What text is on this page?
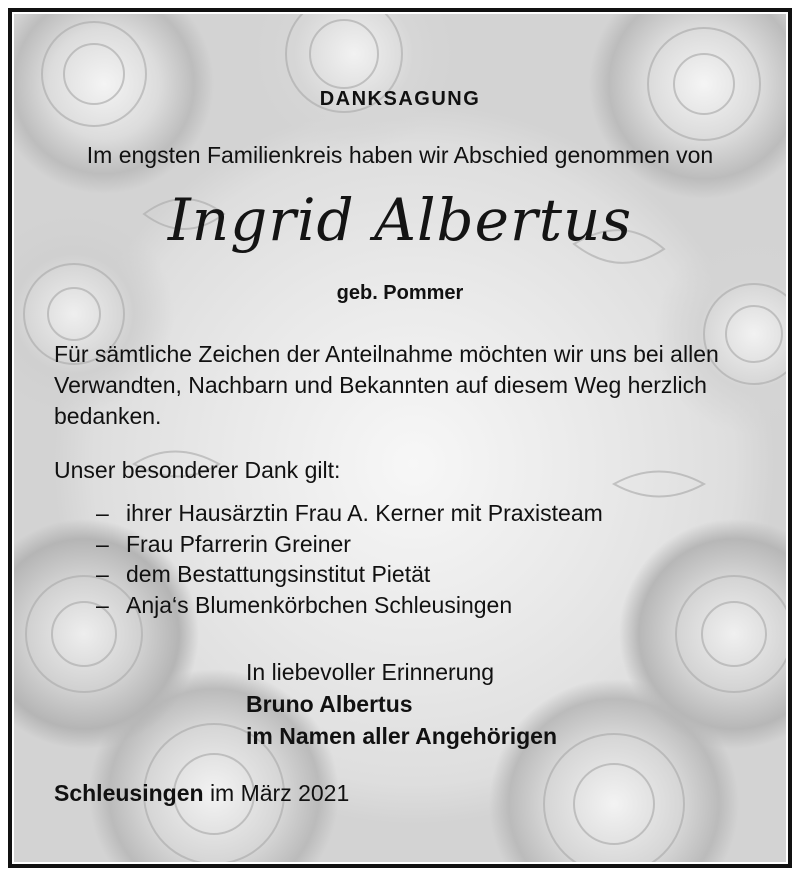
DANKSAGUNG
Im engsten Familienkreis haben wir Abschied genommen von
Ingrid Albertus
geb. Pommer
Für sämtliche Zeichen der Anteilnahme möchten wir uns bei allen Verwandten, Nachbarn und Bekannten auf diesem Weg herzlich bedanken.
Unser besonderer Dank gilt:
– ihrer Hausärztin Frau A. Kerner mit Praxisteam
– Frau Pfarrerin Greiner
– dem Bestattungsinstitut Pietät
– Anja‘s Blumenkörbchen Schleusingen
In liebevoller Erinnerung
Bruno Albertus
im Namen aller Angehörigen
Schleusingen im März 2021
